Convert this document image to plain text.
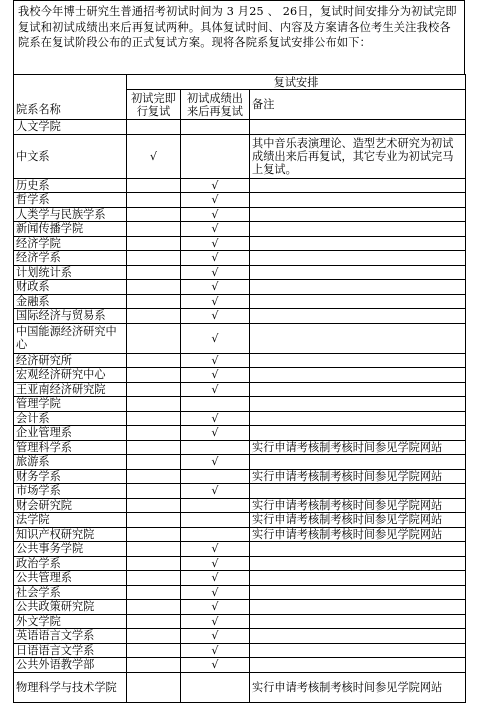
我校今年博士研究生普通招考初试时间为 3 月25 、 26日，复试时间安排分为初试完即复试和初试成绩出来后再复试两种。具体复试时间、内容及方案请各位考生关注我校各院系在复试阶段公布的正式复试方案。现将各院系复试安排公布如下：
院系名称	复试安排		
	初试完即行复试	初试成绩出来后再复试	备注
人文学院			
中文系	√		其中音乐表演理论、造型艺术研究为初试成绩出来后再复试，其它专业为初试完马上复试。
历史系		√	
哲学系		√	
人类学与民族学系		√	
新闻传播学院		√	
经济学院		√	
经济学系		√	
计划统计系		√	
财政系		√	
金融系		√	
国际经济与贸易系		√	
中国能源经济研究中心		√	
经济研究所		√	
宏观经济研究中心		√	
王亚南经济研究院		√	
管理学院			
会计系		√	
企业管理系		√	
管理科学系			实行申请考核制考核时间参见学院网站
旅游系		√	
财务学系			实行申请考核制考核时间参见学院网站
市场学系		√	
财会研究院			实行申请考核制考核时间参见学院网站
法学院			实行申请考核制考核时间参见学院网站
知识产权研究院			实行申请考核制考核时间参见学院网站
公共事务学院		√	
政治学系		√	
公共管理系		√	
社会学系		√	
公共政策研究院		√	
外文学院		√	
英语语言文学系		√	
日语语言文学系		√	
公共外语教学部		√	
物理科学与技术学院			实行申请考核制考核时间参见学院网站
